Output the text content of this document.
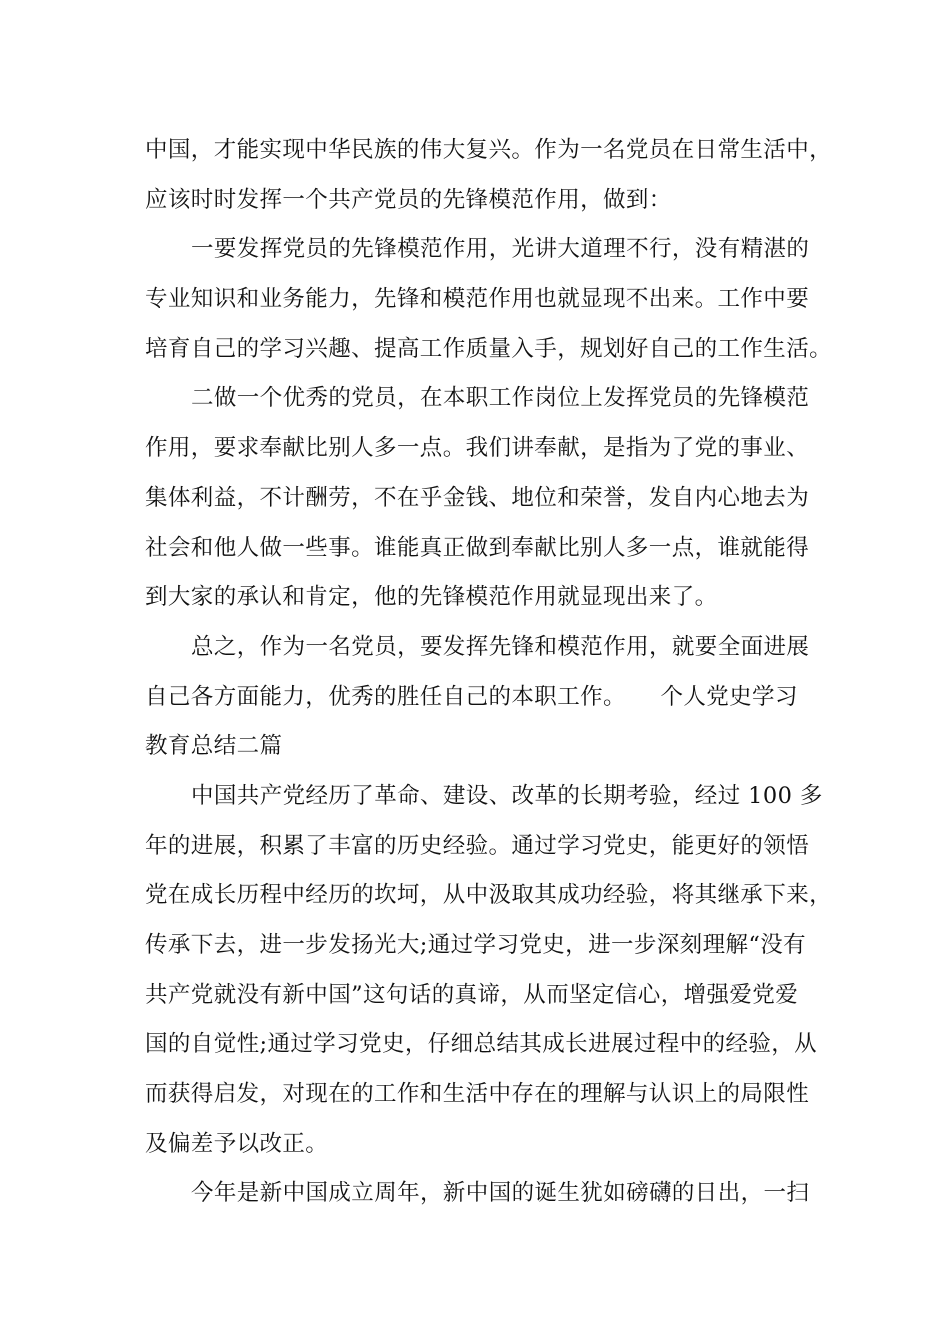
中国，才能实现中华民族的伟大复兴。作为一名党员在日常生活中，
应该时时发挥一个共产党员的先锋模范作用，做到：
一要发挥党员的先锋模范作用，光讲大道理不行，没有精湛的
专业知识和业务能力，先锋和模范作用也就显现不出来。工作中要
培育自己的学习兴趣、提高工作质量入手，规划好自己的工作生活。
二做一个优秀的党员，在本职工作岗位上发挥党员的先锋模范
作用，要求奉献比别人多一点。我们讲奉献，是指为了党的事业、
集体利益，不计酬劳，不在乎金钱、地位和荣誉，发自内心地去为
社会和他人做一些事。谁能真正做到奉献比别人多一点，谁就能得
到大家的承认和肯定，他的先锋模范作用就显现出来了。
总之，作为一名党员，要发挥先锋和模范作用，就要全面进展
自己各方面能力，优秀的胜任自己的本职工作。　　个人党史学习
教育总结二篇
中国共产党经历了革命、建设、改革的长期考验，经过 100 多
年的进展，积累了丰富的历史经验。通过学习党史，能更好的领悟
党在成长历程中经历的坎坷，从中汲取其成功经验，将其继承下来，
传承下去，进一步发扬光大;通过学习党史，进一步深刻理解“没有
共产党就没有新中国”这句话的真谛，从而坚定信心，增强爱党爱
国的自觉性;通过学习党史，仔细总结其成长进展过程中的经验，从
而获得启发，对现在的工作和生活中存在的理解与认识上的局限性
及偏差予以改正。
今年是新中国成立周年，新中国的诞生犹如磅礴的日出，一扫
